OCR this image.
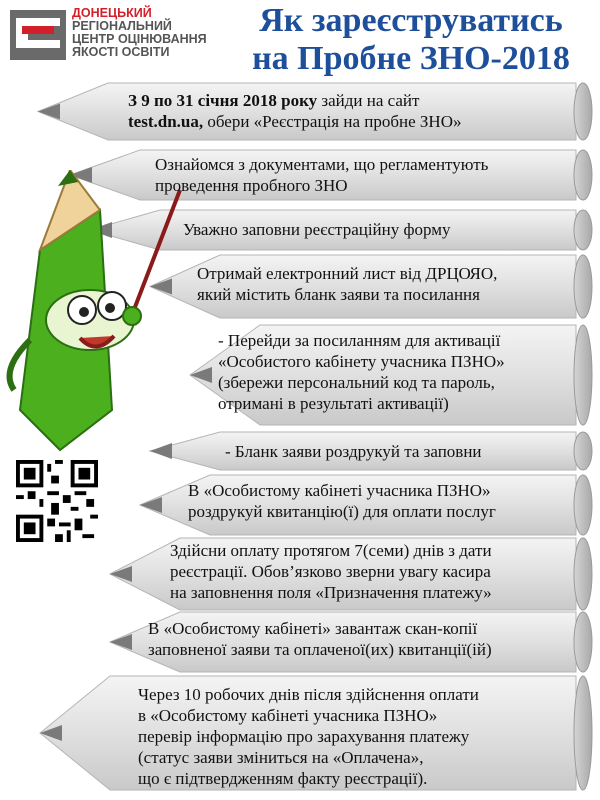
ДОНЕЦЬКИЙ
РЕГІОНАЛЬНИЙ
ЦЕНТР ОЦІНЮВАННЯ
ЯКОСТІ ОСВІТИ
Як зареєструватись
на Пробне ЗНО-2018
З 9 по 31 січня 2018 року зайди на сайт
test.dn.ua, обери «Реєстрація на пробне ЗНО»
Ознайомся з документами, що регламентують
проведення пробного ЗНО
Уважно заповни реєстраційну форму
Отримай електронний лист від ДРЦОЯО,
який містить бланк заяви та посилання
- Перейди за посиланням для активації
«Особистого кабінету учасника ПЗНО»
(збережи персональний код та пароль,
отримані в результаті активації)
- Бланк заяви роздрукуй та заповни
В «Особистому кабінеті учасника ПЗНО»
роздрукуй квитанцію(ї) для оплати послуг
Здійсни оплату протягом 7(семи) днів з дати
реєстрації. Обов’язково зверни увагу касира
на заповнення поля «Призначення платежу»
В «Особистому кабінеті» завантаж скан-копії
заповненої заяви та оплаченої(их) квитанції(ій)
Через 10 робочих днів після здійснення оплати
в «Особистому кабінеті учасника ПЗНО»
перевір інформацію про зарахування платежу
(статус заяви зміниться на «Оплачена»,
що є підтвердженням факту реєстрації).
